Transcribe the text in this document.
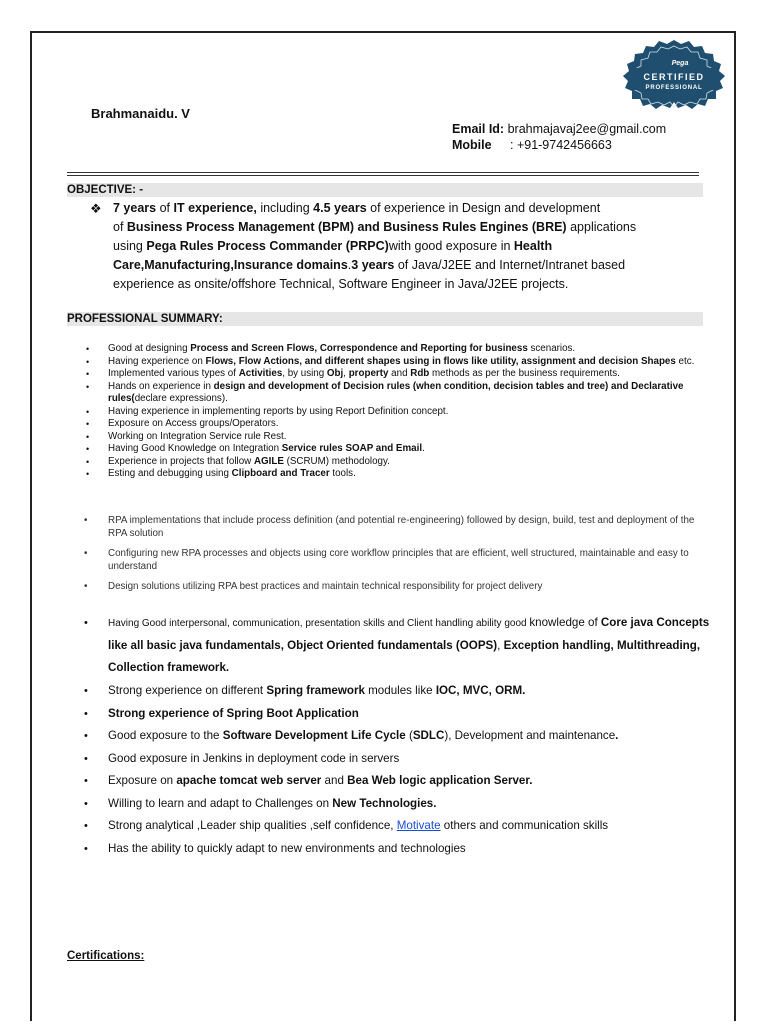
Pega
CERTIFIED
PROFESSIONAL
Brahmanaidu. V
Email Id: brahmajavaj2ee@gmail.com
Mobile : +91-9742456663
OBJECTIVE: -
❖ 7 years of IT experience, including 4.5 years of experience in Design and development
of Business Process Management (BPM) and Business Rules Engines (BRE) applications
using Pega Rules Process Commander (PRPC)with good exposure in Health
Care,Manufacturing,Insurance domains.3 years of Java/J2EE and Internet/Intranet based
experience as onsite/offshore Technical, Software Engineer in Java/J2EE projects.

PROFESSIONAL SUMMARY:
• Good at designing Process and Screen Flows, Correspondence and Reporting for business scenarios.
• Having experience on Flows, Flow Actions, and different shapes using in flows like utility, assignment and decision Shapes etc.
• Implemented various types of Activities, by using Obj, property and Rdb methods as per the business requirements.
• Hands on experience in design and development of Decision rules (when condition, decision tables and tree) and Declarative rules(declare expressions).
• Having experience in implementing reports by using Report Definition concept.
• Exposure on Access groups/Operators.
• Working on Integration Service rule Rest.
• Having Good Knowledge on Integration Service rules SOAP and Email.
• Experience in projects that follow AGILE (SCRUM) methodology.
• Esting and debugging using Clipboard and Tracer tools.
• RPA implementations that include process definition (and potential re-engineering) followed by design, build, test and deployment of the RPA solution
• Configuring new RPA processes and objects using core workflow principles that are efficient, well structured, maintainable and easy to understand
• Design solutions utilizing RPA best practices and maintain technical responsibility for project delivery
• Having Good interpersonal, communication, presentation skills and Client handling ability good knowledge of Core java Concepts like all basic java fundamentals, Object Oriented fundamentals (OOPS), Exception handling, Multithreading, Collection framework.
• Strong experience on different Spring framework modules like IOC, MVC, ORM.
• Strong experience of Spring Boot Application
• Good exposure to the Software Development Life Cycle (SDLC), Development and maintenance.
• Good exposure in Jenkins in deployment code in servers
• Exposure on apache tomcat web server and Bea Web logic application Server.
• Willing to learn and adapt to Challenges on New Technologies.
• Strong analytical ,Leader ship qualities ,self confidence, Motivate others and communication skills
• Has the ability to quickly adapt to new environments and technologies
Certifications:
